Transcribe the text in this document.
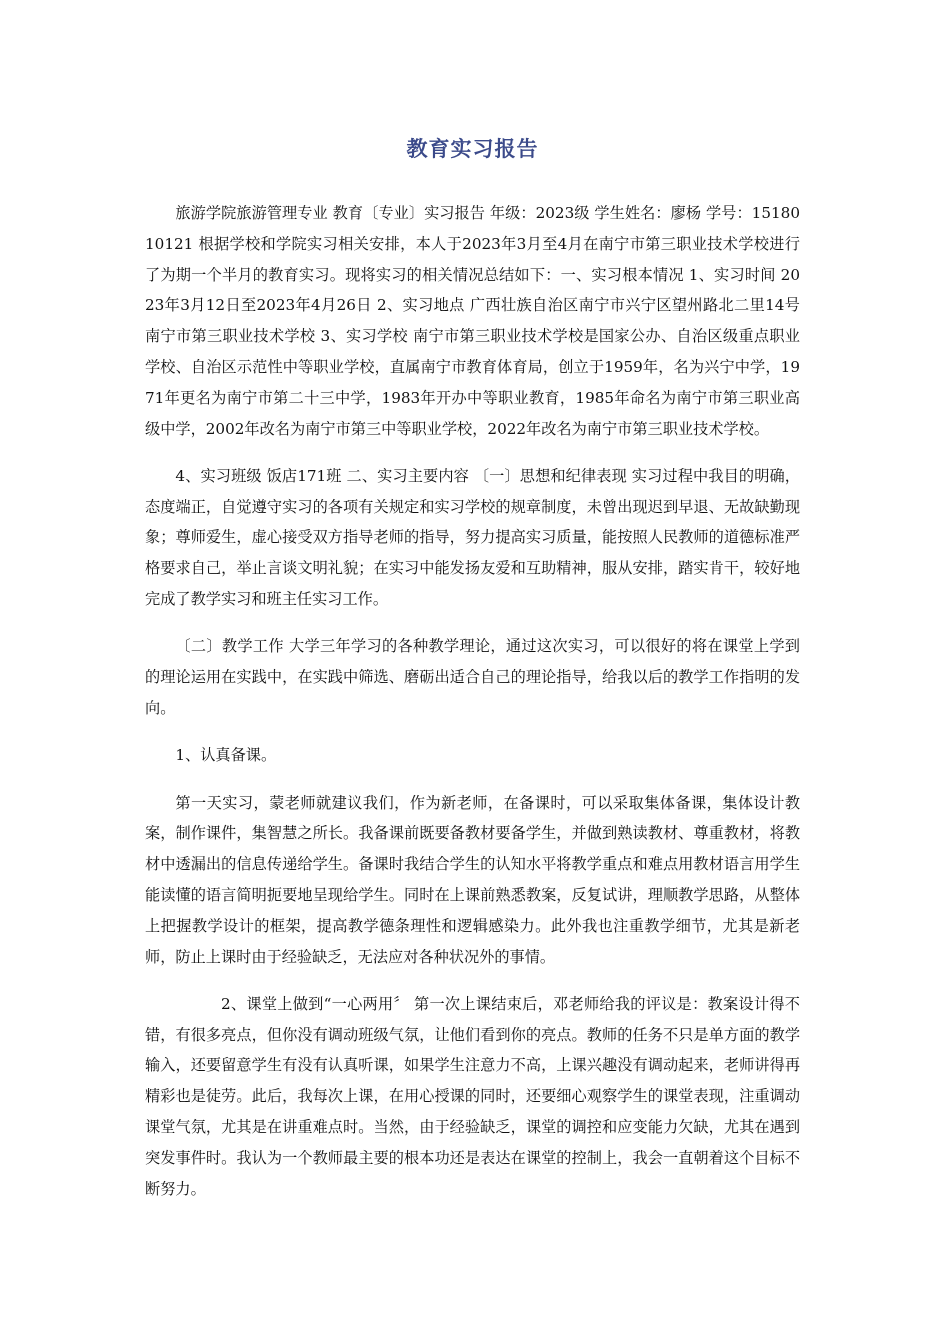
教育实习报告

旅游学院旅游管理专业 教育〔专业〕实习报告 年级：2023级 学生姓名：廖杨 学号：1518010121 根据学校和学院实习相关安排，本人于2023年3月至4月在南宁市第三职业技术学校进行了为期一个半月的教育实习。现将实习的相关情况总结如下：一、实习根本情况 1、实习时间 2023年3月12日至2023年4月26日 2、实习地点 广西壮族自治区南宁市兴宁区望州路北二里14号南宁市第三职业技术学校 3、实习学校 南宁市第三职业技术学校是国家公办、自治区级重点职业学校、自治区示范性中等职业学校，直属南宁市教育体育局，创立于1959年，名为兴宁中学，1971年更名为南宁市第二十三中学，1983年开办中等职业教育，1985年命名为南宁市第三职业高级中学，2002年改名为南宁市第三中等职业学校，2022年改名为南宁市第三职业技术学校。

4、实习班级 饭店171班 二、实习主要内容 〔一〕思想和纪律表现 实习过程中我目的明确，态度端正，自觉遵守实习的各项有关规定和实习学校的规章制度，未曾出现迟到早退、无故缺勤现象；尊师爱生，虚心接受双方指导老师的指导，努力提高实习质量，能按照人民教师的道德标准严格要求自己，举止言谈文明礼貌；在实习中能发扬友爱和互助精神，服从安排，踏实肯干，较好地完成了教学实习和班主任实习工作。

〔二〕教学工作 大学三年学习的各种教学理论，通过这次实习，可以很好的将在课堂上学到的理论运用在实践中，在实践中筛选、磨砺出适合自己的理论指导，给我以后的教学工作指明的发向。

1、认真备课。

第一天实习，蒙老师就建议我们，作为新老师，在备课时，可以采取集体备课，集体设计教案，制作课件，集智慧之所长。我备课前既要备教材要备学生，并做到熟读教材、尊重教材，将教材中透漏出的信息传递给学生。备课时我结合学生的认知水平将教学重点和难点用教材语言用学生能读懂的语言简明扼要地呈现给学生。同时在上课前熟悉教案，反复试讲，理顺教学思路，从整体上把握教学设计的框架，提高教学德条理性和逻辑感染力。此外我也注重教学细节，尤其是新老师，防止上课时由于经验缺乏，无法应对各种状况外的事情。

2、课堂上做到“一心两用〞 第一次上课结束后，邓老师给我的评议是：教案设计得不错，有很多亮点，但你没有调动班级气氛，让他们看到你的亮点。教师的任务不只是单方面的教学输入，还要留意学生有没有认真听课，如果学生注意力不高，上课兴趣没有调动起来，老师讲得再精彩也是徒劳。此后，我每次上课，在用心授课的同时，还要细心观察学生的课堂表现，注重调动课堂气氛，尤其是在讲重难点时。当然，由于经验缺乏，课堂的调控和应变能力欠缺，尤其在遇到突发事件时。我认为一个教师最主要的根本功还是表达在课堂的控制上，我会一直朝着这个目标不断努力。
